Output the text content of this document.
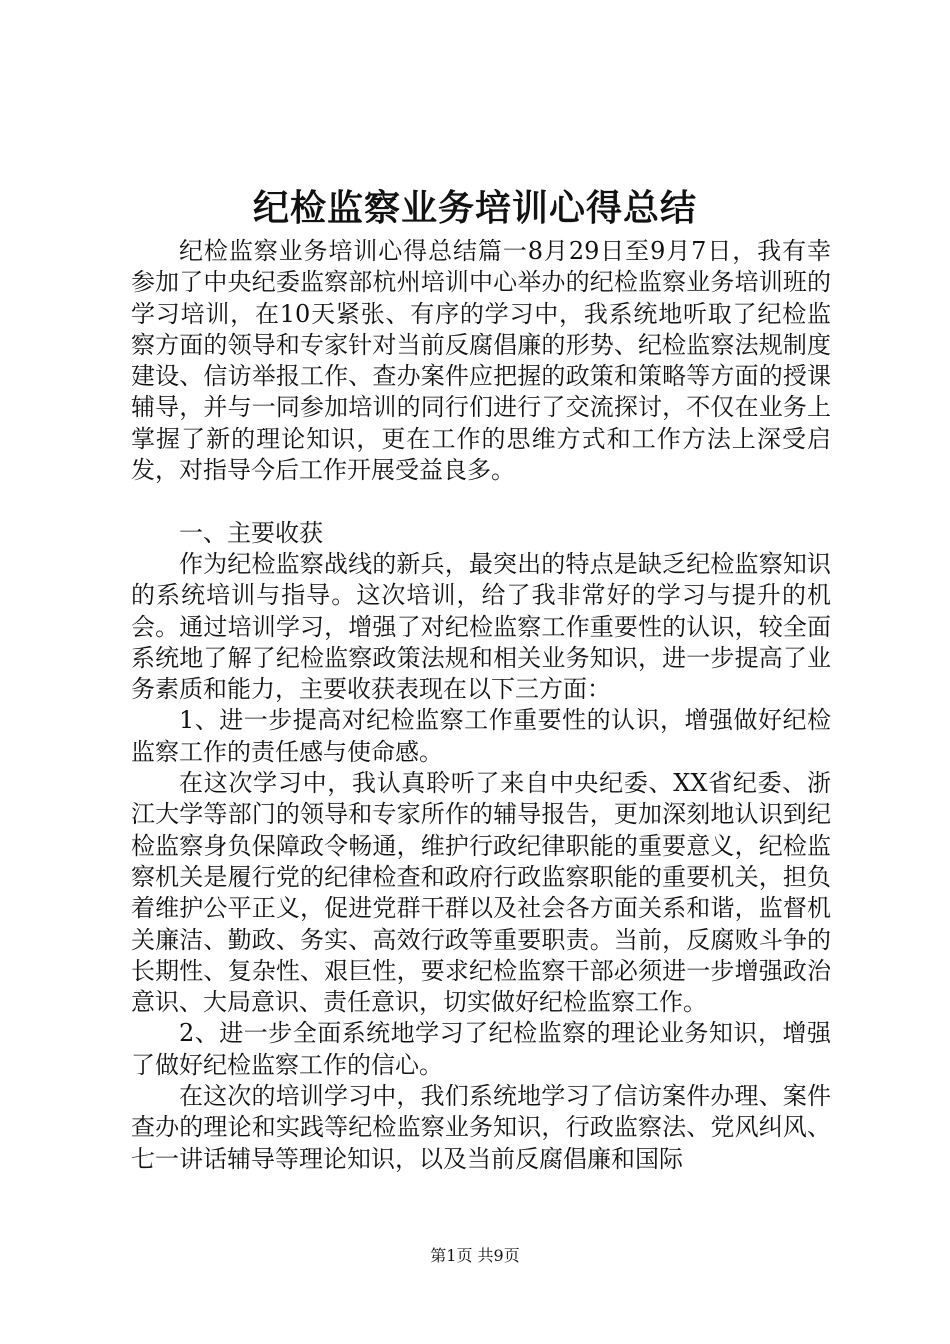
纪检监察业务培训心得总结

纪检监察业务培训心得总结篇一8月29日至9月7日，我有幸参加了中央纪委监察部杭州培训中心举办的纪检监察业务培训班的学习培训，在10天紧张、有序的学习中，我系统地听取了纪检监察方面的领导和专家针对当前反腐倡廉的形势、纪检监察法规制度建设、信访举报工作、查办案件应把握的政策和策略等方面的授课辅导，并与一同参加培训的同行们进行了交流探讨，不仅在业务上掌握了新的理论知识，更在工作的思维方式和工作方法上深受启发，对指导今后工作开展受益良多。

一、主要收获

作为纪检监察战线的新兵，最突出的特点是缺乏纪检监察知识的系统培训与指导。这次培训，给了我非常好的学习与提升的机会。通过培训学习，增强了对纪检监察工作重要性的认识，较全面系统地了解了纪检监察政策法规和相关业务知识，进一步提高了业务素质和能力，主要收获表现在以下三方面：

1、进一步提高对纪检监察工作重要性的认识，增强做好纪检监察工作的责任感与使命感。

在这次学习中，我认真聆听了来自中央纪委、XX省纪委、浙江大学等部门的领导和专家所作的辅导报告，更加深刻地认识到纪检监察身负保障政令畅通，维护行政纪律职能的重要意义，纪检监察机关是履行党的纪律检查和政府行政监察职能的重要机关，担负着维护公平正义，促进党群干群以及社会各方面关系和谐，监督机关廉洁、勤政、务实、高效行政等重要职责。当前，反腐败斗争的长期性、复杂性、艰巨性，要求纪检监察干部必须进一步增强政治意识、大局意识、责任意识，切实做好纪检监察工作。

2、进一步全面系统地学习了纪检监察的理论业务知识，增强了做好纪检监察工作的信心。

在这次的培训学习中，我们系统地学习了信访案件办理、案件查办的理论和实践等纪检监察业务知识，行政监察法、党风纠风、七一讲话辅导等理论知识，以及当前反腐倡廉和国际

第1页 共9页
